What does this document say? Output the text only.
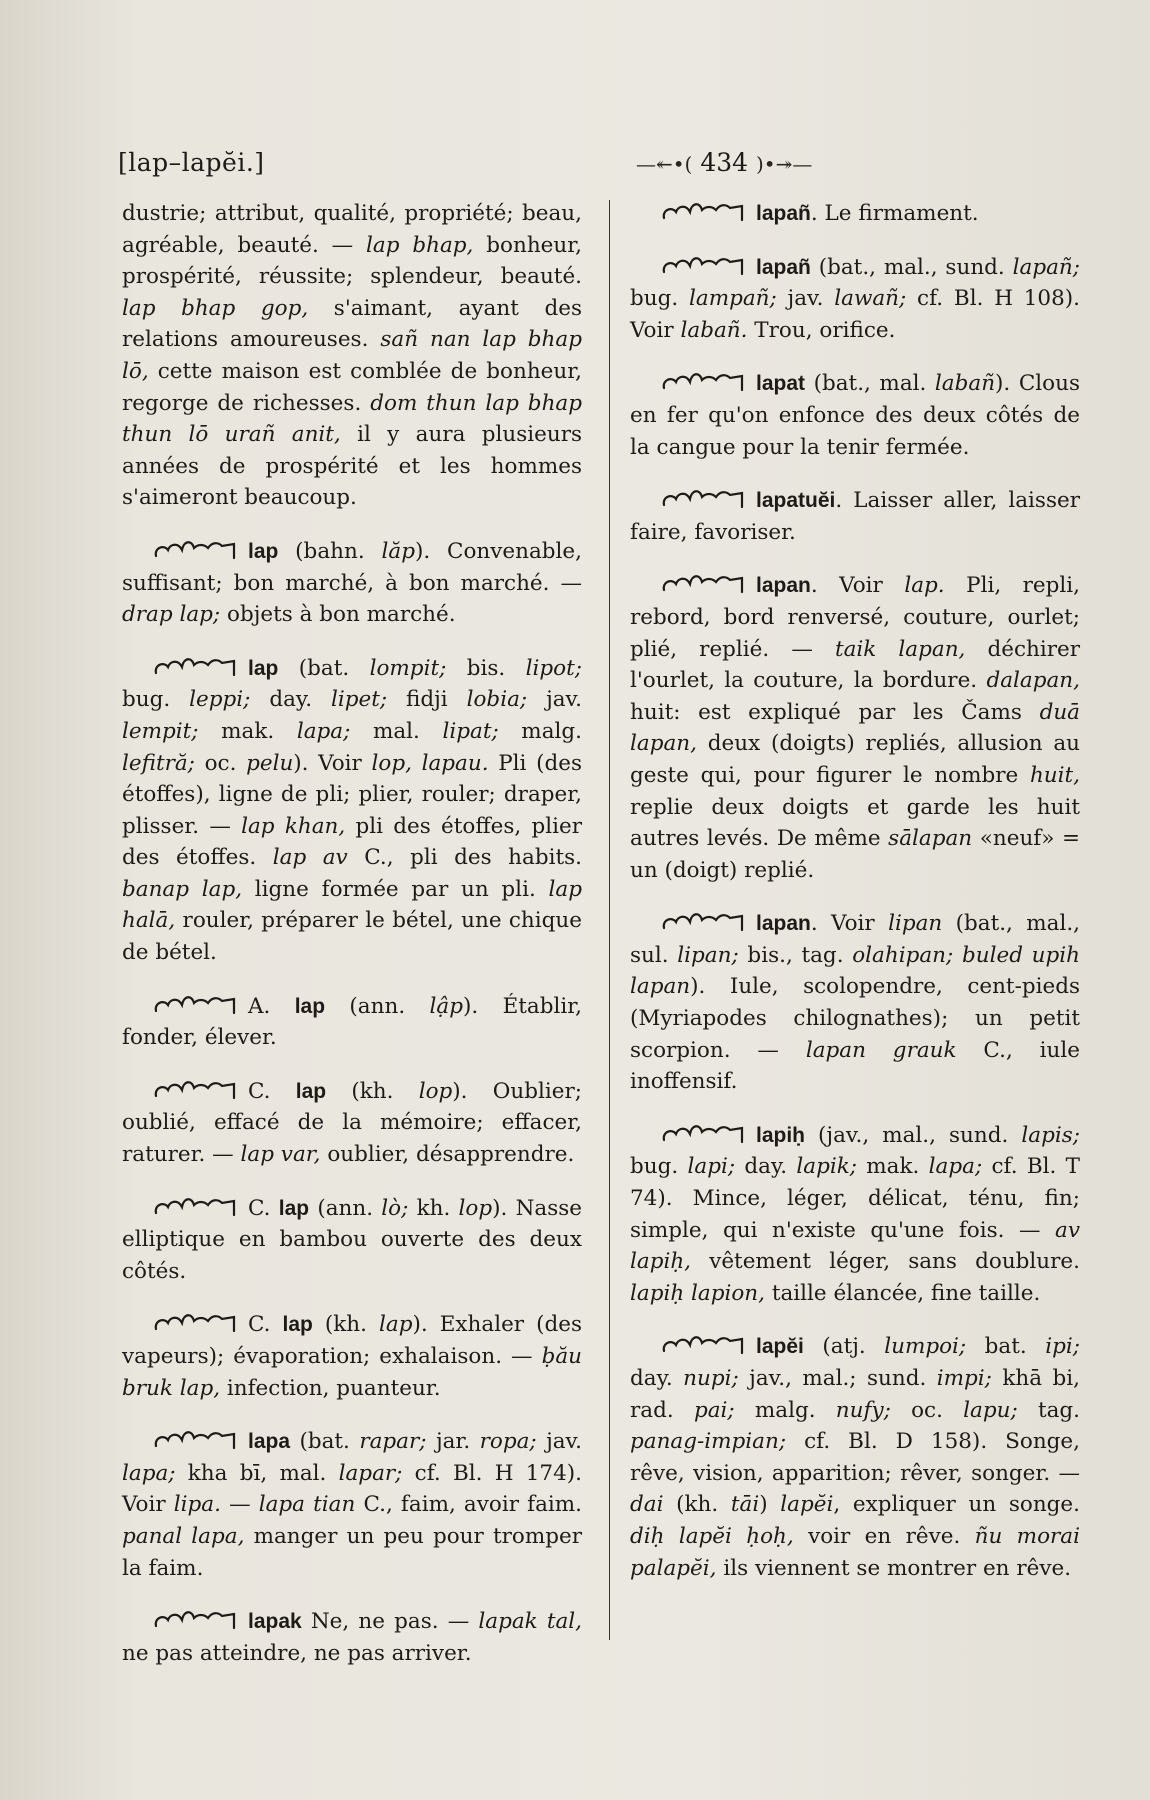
[lap–lapĕi.]	—↞•( 434 )•↠—
dustrie; attribut, qualité, propriété; beau, agréable, beauté. — lap bhap, bonheur, prospérité, réussite; splendeur, beauté. lap bhap gop, s'aimant, ayant des relations amoureuses. sañ nan lap bhap lō, cette maison est comblée de bonheur, regorge de richesses. dom thun lap bhap thun lō urañ anit, il y aura plusieurs années de prospérité et les hommes s'aimeront beaucoup.
lap (bahn. lăp). Convenable, suffisant; bon marché, à bon marché. — drap lap; objets à bon marché.
lap (bat. lompit; bis. lipot; bug. leppi; day. lipet; fidji lobia; jav. lempit; mak. lapa; mal. lipat; malg. lefitră; oc. pelu). Voir lop, lapau. Pli (des étoffes), ligne de pli; plier, rouler; draper, plisser. — lap khan, pli des étoffes, plier des étoffes. lap av C., pli des habits. banap lap, ligne formée par un pli. lap halā, rouler, préparer le bétel, une chique de bétel.
A. lap (ann. lập). Établir, fonder, élever.
C. lap (kh. lop). Oublier; oublié, effacé de la mémoire; effacer, raturer. — lap var, oublier, désapprendre.
C. lap (ann. lò; kh. lop). Nasse elliptique en bambou ouverte des deux côtés.
C. lap (kh. lap). Exhaler (des vapeurs); évaporation; exhalaison. — ḅău bruk lap, infection, puanteur.
lapa (bat. rapar; jar. ropa; jav. lapa; kha bī, mal. lapar; cf. Bl. H 174). Voir lipa. — lapa tian C., faim, avoir faim. panal lapa, manger un peu pour tromper la faim.
lapak Ne, ne pas. — lapak tal, ne pas atteindre, ne pas arriver.
lapañ. Le firmament.
lapañ (bat., mal., sund. lapañ; bug. lampañ; jav. lawañ; cf. Bl. H 108). Voir labañ. Trou, orifice.
lapat (bat., mal. labañ). Clous en fer qu'on enfonce des deux côtés de la cangue pour la tenir fermée.
lapatuĕi. Laisser aller, laisser faire, favoriser.
lapan. Voir lap. Pli, repli, rebord, bord renversé, couture, ourlet; plié, replié. — taik lapan, déchirer l'ourlet, la couture, la bordure. dalapan, huit: est expliqué par les Čams duā lapan, deux (doigts) repliés, allusion au geste qui, pour figurer le nombre huit, replie deux doigts et garde les huit autres levés. De même sālapan «neuf» = un (doigt) replié.
lapan. Voir lipan (bat., mal., sul. lipan; bis., tag. olahipan; buled upih lapan). Iule, scolopendre, cent-pieds (Myriapodes chilognathes); un petit scorpion. — lapan grauk C., iule inoffensif.
lapiḥ (jav., mal., sund. lapis; bug. lapi; day. lapik; mak. lapa; cf. Bl. T 74). Mince, léger, délicat, ténu, fin; simple, qui n'existe qu'une fois. — av lapiḥ, vêtement léger, sans doublure. lapiḥ lapion, taille élancée, fine taille.
lapĕi (atj. lumpoi; bat. ipi; day. nupi; jav., mal.; sund. impi; khā bi, rad. pai; malg. nufy; oc. lapu; tag. panag-impian; cf. Bl. D 158). Songe, rêve, vision, apparition; rêver, songer. — dai (kh. tāi) lapĕi, expliquer un songe. diḥ lapĕi ḥoḥ, voir en rêve. ñu morai palapĕi, ils viennent se montrer en rêve.
